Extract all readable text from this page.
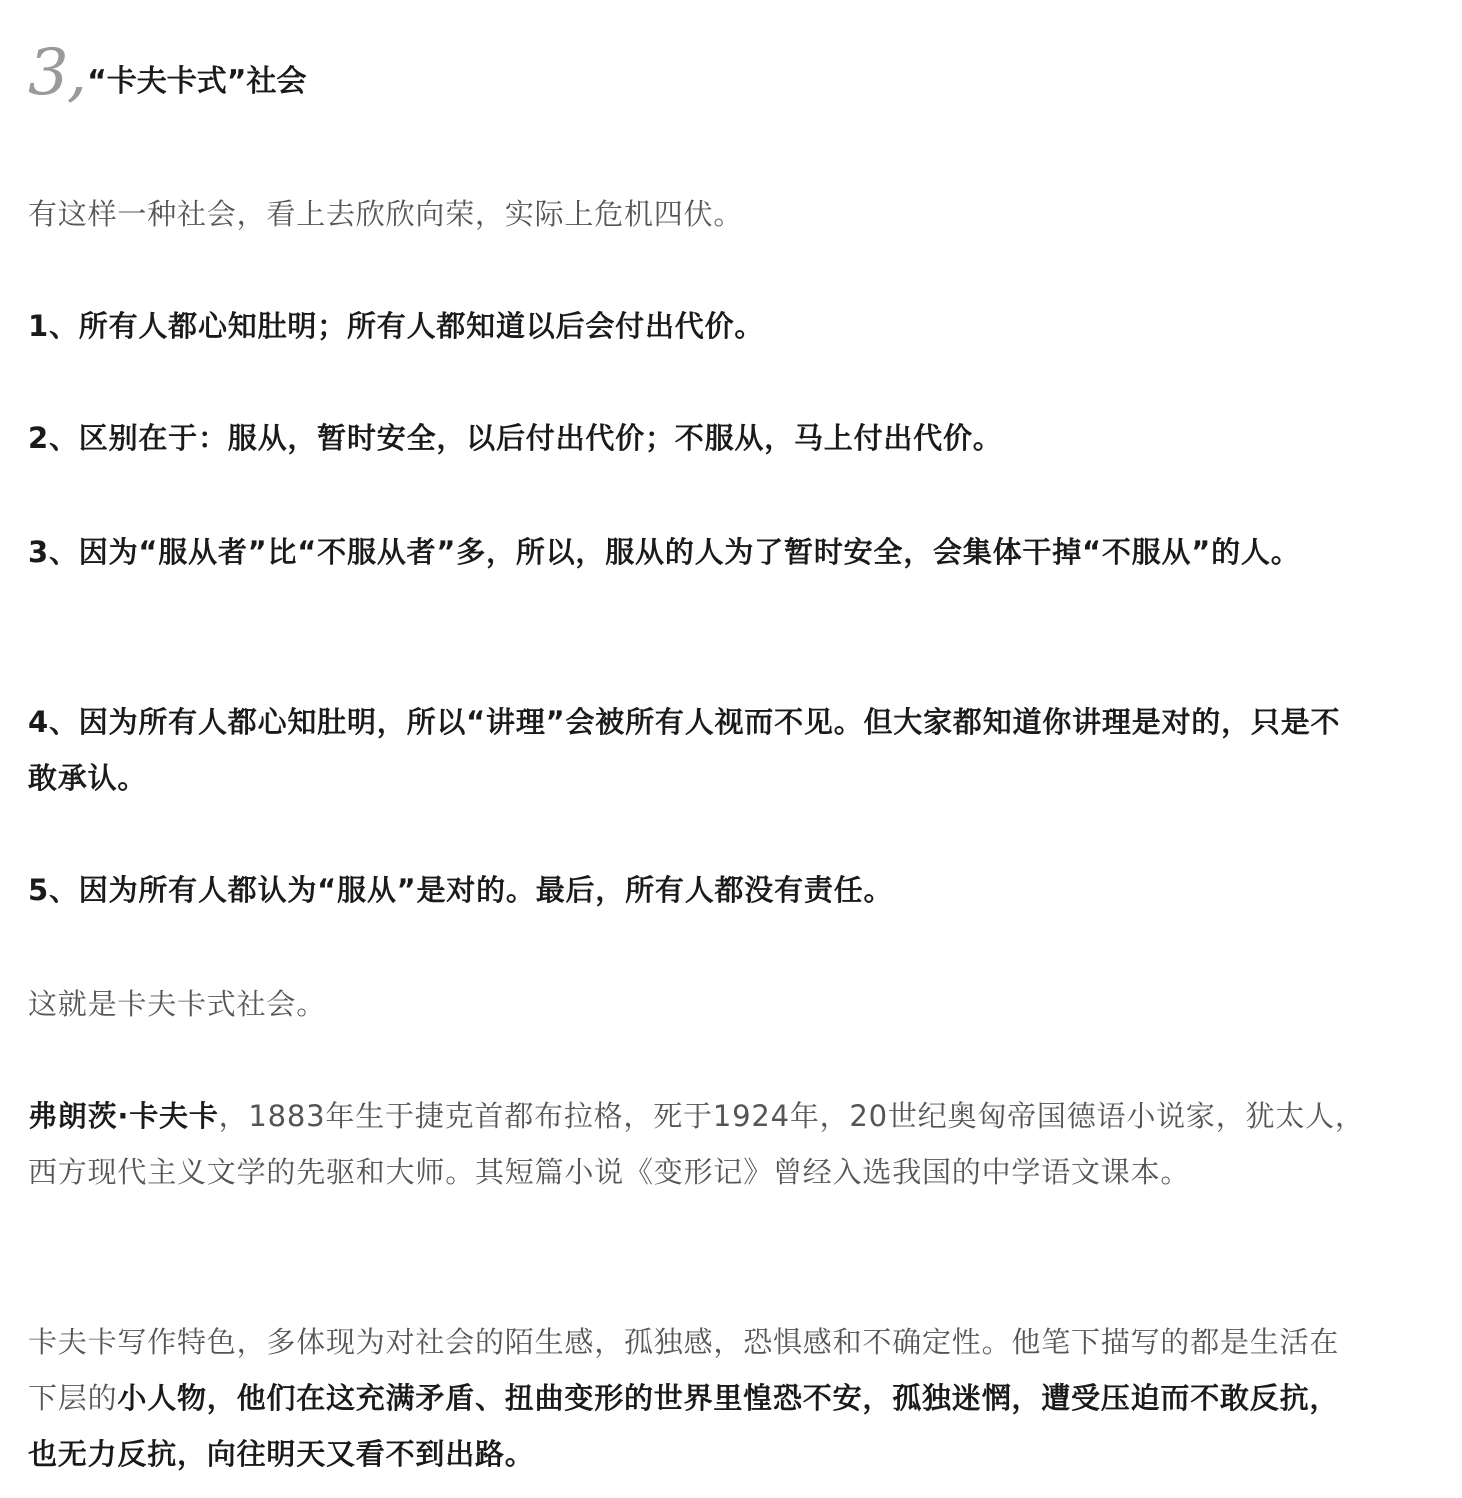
3, “卡夫卡式”社会

有这样一种社会，看上去欣欣向荣，实际上危机四伏。

1、所有人都心知肚明；所有人都知道以后会付出代价。

2、区别在于：服从，暂时安全，以后付出代价；不服从，马上付出代价。

3、因为“服从者”比“不服从者”多，所以，服从的人为了暂时安全，会集体干掉“不服从”的人。

4、因为所有人都心知肚明，所以“讲理”会被所有人视而不见。但大家都知道你讲理是对的，只是不敢承认。

5、因为所有人都认为“服从”是对的。最后，所有人都没有责任。

这就是卡夫卡式社会。

弗朗茨·卡夫卡，1883年生于捷克首都布拉格，死于1924年，20世纪奥匈帝国德语小说家，犹太人，西方现代主义文学的先驱和大师。其短篇小说《变形记》曾经入选我国的中学语文课本。

卡夫卡写作特色，多体现为对社会的陌生感，孤独感，恐惧感和不确定性。他笔下描写的都是生活在下层的小人物，他们在这充满矛盾、扭曲变形的世界里惶恐不安，孤独迷惘，遭受压迫而不敢反抗，也无力反抗，向往明天又看不到出路。
